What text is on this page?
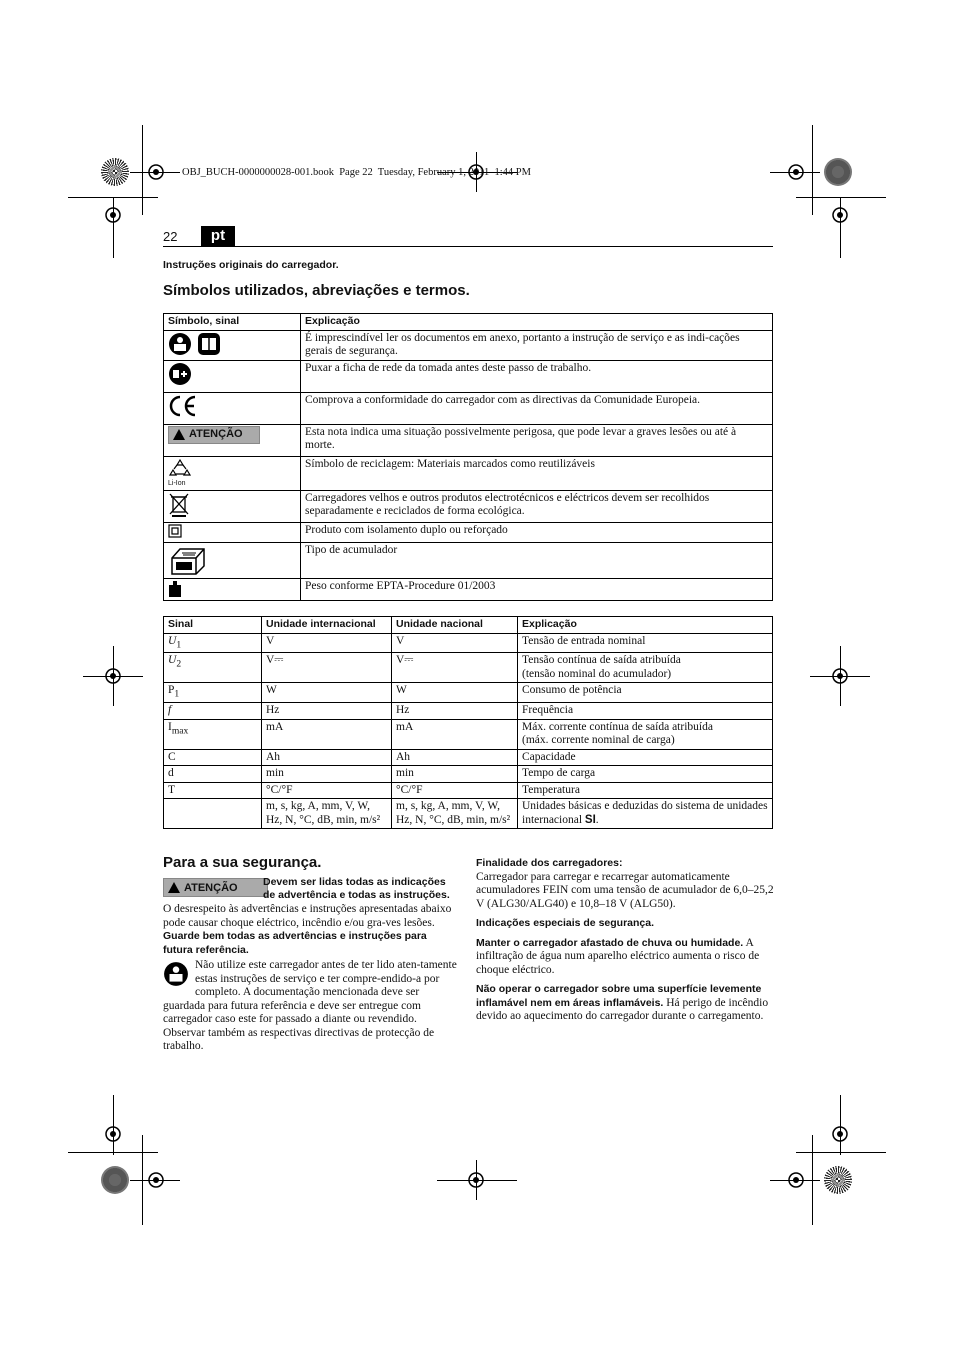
OBJ_BUCH-0000000028-001.book  Page 22  Tuesday, February 1, 2011  1:44 PM
22	pt
Instruções originais do carregador.
Símbolos utilizados, abreviações e termos.
Símbolo, sinal	Explicação
	É imprescindível ler os documentos em anexo, portanto a instrução de serviço e as indi-cações gerais de segurança.
	Puxar a ficha de rede da tomada antes deste passo de trabalho.
	Comprova a conformidade do carregador com as directivas da Comunidade Europeia.

ATENÇÃO	Esta nota indica uma situação possivelmente perigosa, que pode levar a graves lesões ou até à morte.

Li-Ion	Símbolo de reciclagem: Materiais marcados como reutilizáveis
	Carregadores velhos e outros produtos electrotécnicos e eléctricos devem ser recolhidos separadamente e reciclados de forma ecológica.
	Produto com isolamento duplo ou reforçado
	Tipo de acumulador
	Peso conforme EPTA-Procedure 01/2003
Sinal	Unidade internacional	Unidade nacional	Explicação
$U_1$	V	V	Tensão de entrada nominal
$U_2$	V⎓	V⎓	Tensão contínua de saída atribuída
(tensão nominal do acumulador)
$P_1$	W	W	Consumo de potência
f	Hz	Hz	Frequência
$I_{max}$	mA	mA	Máx. corrente contínua de saída atribuída
(máx. corrente nominal de carga)
C	Ah	Ah	Capacidade
d	min	min	Tempo de carga
T	°C/°F	°C/°F	Temperatura
	m, s, kg, A, mm, V, W, Hz, N, °C, dB, min, m/s²	m, s, kg, A, mm, V, W, Hz, N, °C, dB, min, m/s²	Unidades básicas e deduzidas do sistema de unidades internacional SI.
Para a sua segurança.
ATENÇÃO Devem ser lidas todas as indicações de advertência e todas as instruções.

O desrespeito às advertências e instruções apresentadas abaixo pode causar choque eléctrico, incêndio e/ou gra-ves lesões.

Guarde bem todas as advertências e instruções para futura referência.

Não utilize este carregador antes de ter lido aten-tamente estas instruções de serviço e ter compre-endido-a por completo. A documentação mencionada deve ser guardada para futura referência e deve ser entregue com carregador caso este for passado a diante ou revendido.

Observar também as respectivas directivas de protecção de trabalho.

Finalidade dos carregadores:

Carregador para carregar e recarregar automaticamente acumuladores FEIN com uma tensão de acumulador de 6,0–25,2 V (ALG30/ALG40) e 10,8–18 V (ALG50).

Indicações especiais de segurança.

Manter o carregador afastado de chuva ou humidade. A infiltração de água num aparelho eléctrico aumenta o risco de choque eléctrico.

Não operar o carregador sobre uma superfície levemente inflamável nem em áreas inflamáveis. Há perigo de incêndio devido ao aquecimento do carregador durante o carregamento.
